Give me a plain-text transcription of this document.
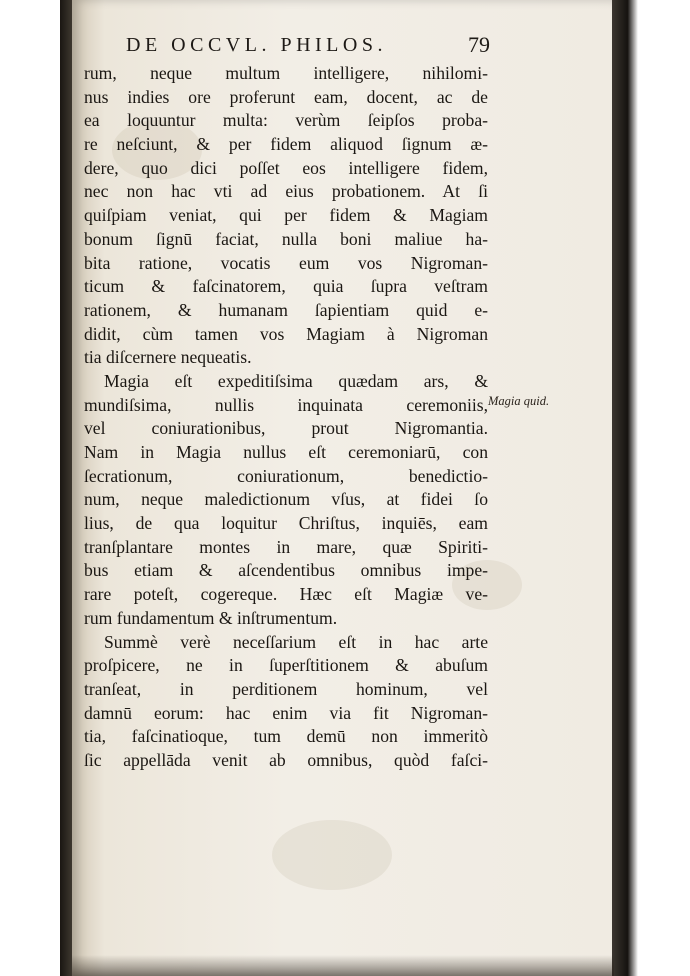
DE OCCVL. PHILOS.	79
rum, neque multum intelligere, nihilomi-
nus indies ore proferunt eam, docent, ac de
ea loquuntur multa: verùm ſeipſos proba-
re neſciunt, & per fidem aliquod ſignum æ-
dere, quo dici poſſet eos intelligere fidem,
nec non hac vti ad eius probationem. At ſi
quiſpiam veniat, qui per fidem & Magiam
bonum ſignū faciat, nulla boni maliue ha-
bita ratione, vocatis eum vos Nigroman-
ticum & faſcinatorem, quia ſupra veſtram
rationem, & humanam ſapientiam quid e-
didit, cùm tamen vos Magiam à Nigroman
tia diſcernere nequeatis.
Magia eſt expeditiſsima quædam ars, &
mundiſsima, nullis inquinata ceremoniis,
vel coniurationibus, prout Nigromantia.
Nam in Magia nullus eſt ceremoniarū, con
ſecrationum, coniurationum, benedictio-
num, neque maledictionum vſus, at fidei ſo
lius, de qua loquitur Chriſtus, inquiēs, eam
tranſplantare montes in mare, quæ Spiriti-
bus etiam & aſcendentibus omnibus impe-
rare poteſt, cogereque. Hæc eſt Magiæ ve-
rum fundamentum & inſtrumentum.
Summè verè neceſſarium eſt in hac arte
proſpicere, ne in ſuperſtitionem & abuſum
tranſeat, in perditionem hominum, vel
damnū eorum: hac enim via fit Nigroman-
tia, faſcinatioque, tum demū non immeritò
ſic appellāda venit ab omnibus, quòd faſci-
Magia quid.
